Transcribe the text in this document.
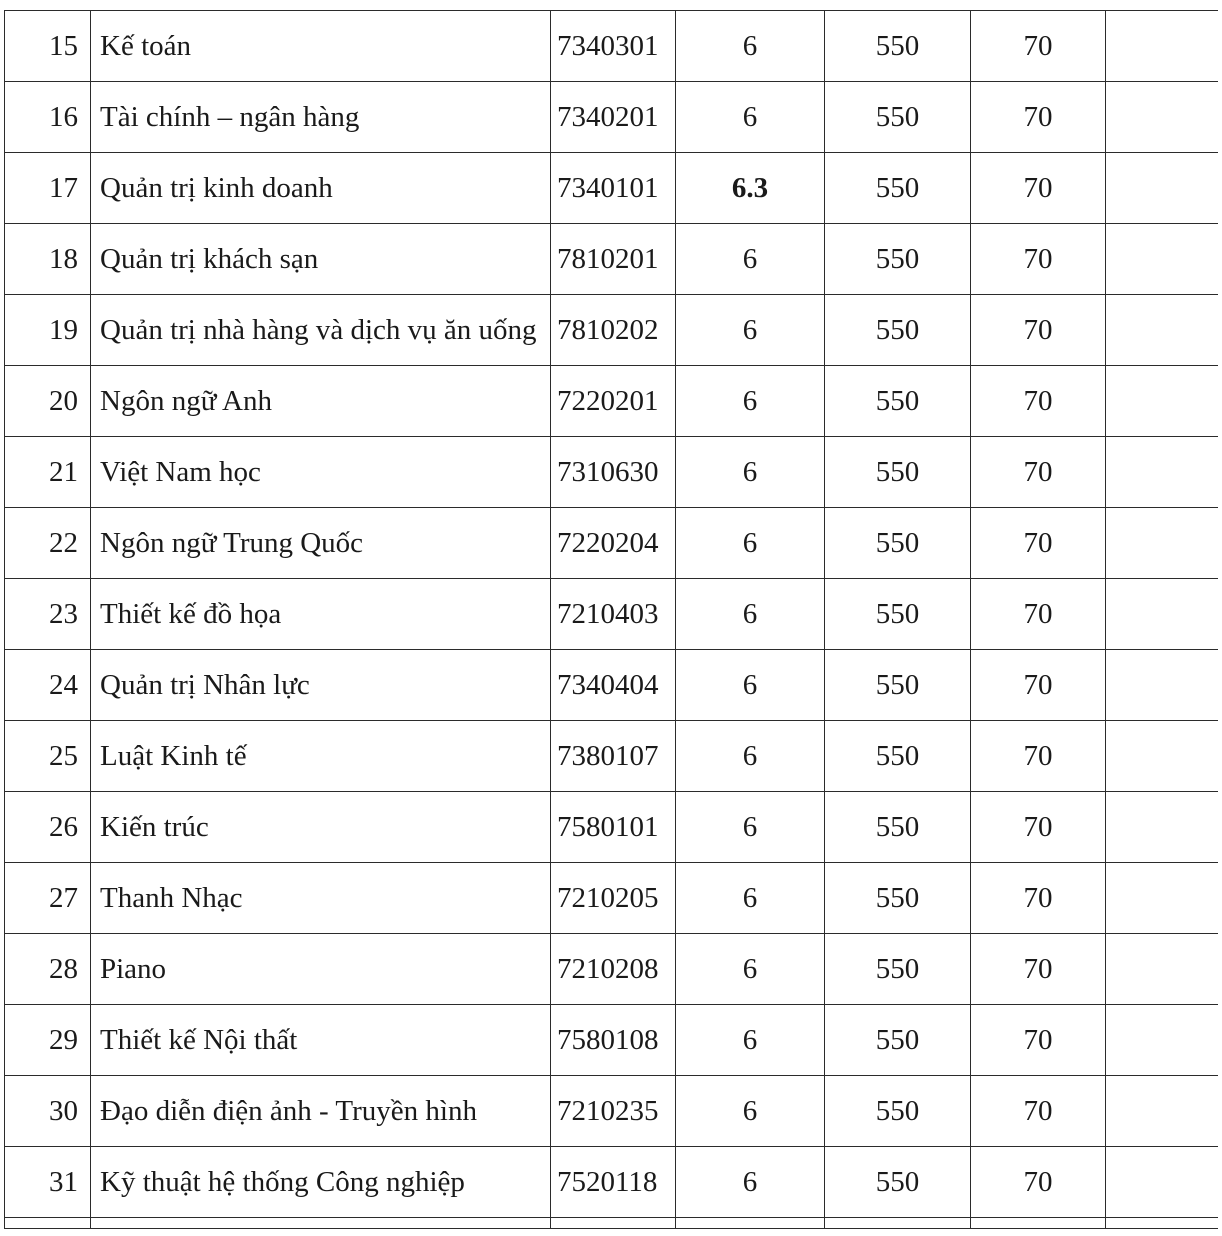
15	Kế toán	7340301	6	550	70	
16	Tài chính – ngân hàng	7340201	6	550	70	
17	Quản trị kinh doanh	7340101	6.3	550	70	
18	Quản trị khách sạn	7810201	6	550	70	
19	Quản trị nhà hàng và dịch vụ ăn uống	7810202	6	550	70	
20	Ngôn ngữ Anh	7220201	6	550	70	
21	Việt Nam học	7310630	6	550	70	
22	Ngôn ngữ Trung Quốc	7220204	6	550	70	
23	Thiết kế đồ họa	7210403	6	550	70	
24	Quản trị Nhân lực	7340404	6	550	70	
25	Luật Kinh tế	7380107	6	550	70	
26	Kiến trúc	7580101	6	550	70	
27	Thanh Nhạc	7210205	6	550	70	
28	Piano	7210208	6	550	70	
29	Thiết kế Nội thất	7580108	6	550	70	
30	Đạo diễn điện ảnh - Truyền hình	7210235	6	550	70	
31	Kỹ thuật hệ thống Công nghiệp	7520118	6	550	70	
